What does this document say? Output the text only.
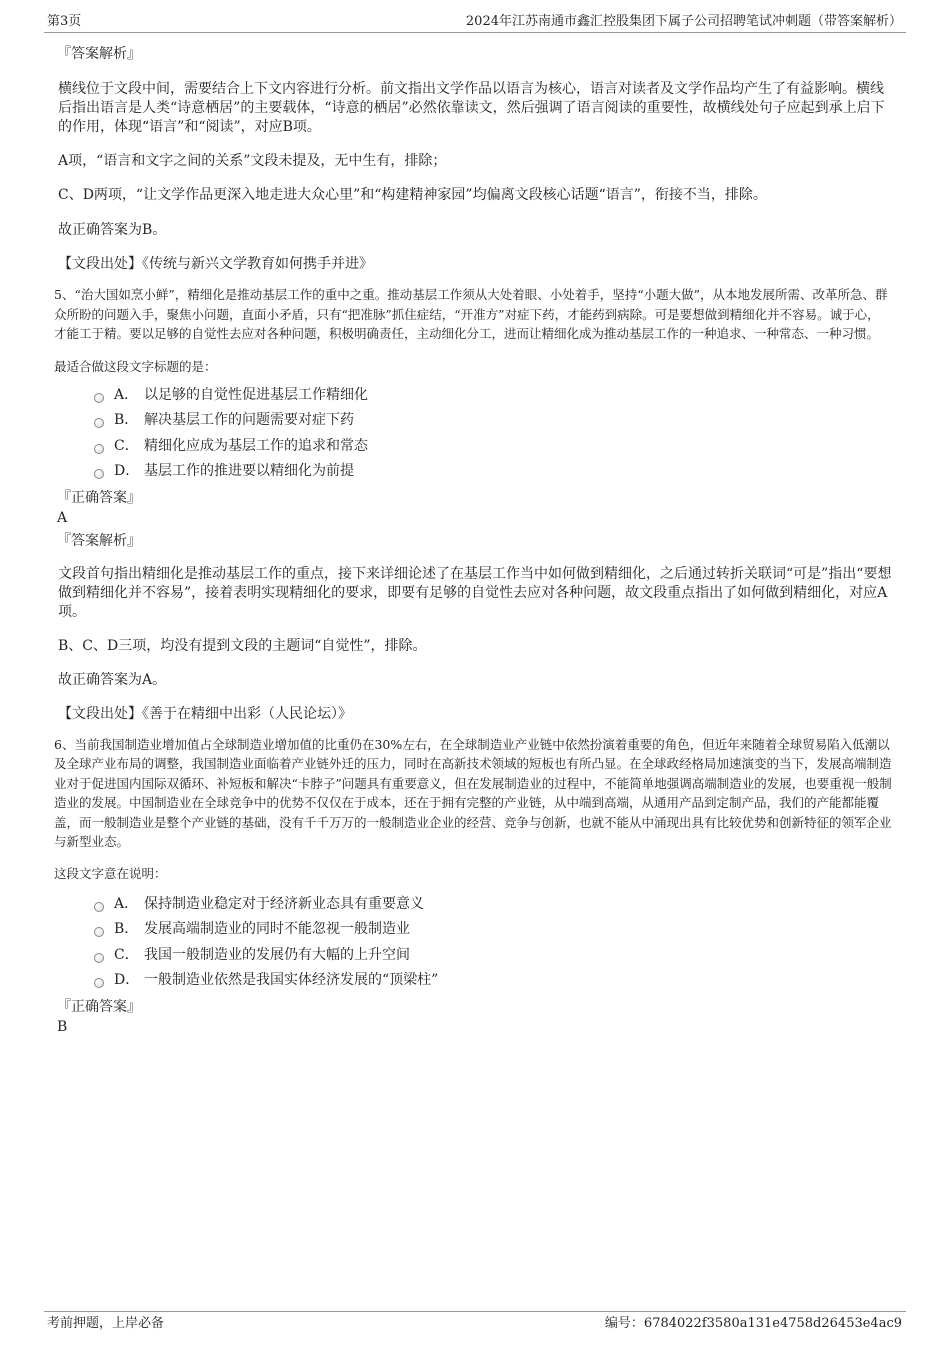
第3页	2024年江苏南通市鑫汇控股集团下属子公司招聘笔试冲刺题（带答案解析）
『答案解析』
横线位于文段中间，需要结合上下文内容进行分析。前文指出文学作品以语言为核心，语言对读者及文学作品均产生了有益影响。横线后指出语言是人类“诗意栖居”的主要载体，“诗意的栖居”必然依靠读文，然后强调了语言阅读的重要性，故横线处句子应起到承上启下的作用，体现“语言”和“阅读”，对应B项。
A项，“语言和文字之间的关系”文段未提及，无中生有，排除；
C、D两项，“让文学作品更深入地走进大众心里”和“构建精神家园”均偏离文段核心话题“语言”，衔接不当，排除。
故正确答案为B。
【文段出处】《传统与新兴文学教育如何携手并进》
5、“治大国如烹小鲜”，精细化是推动基层工作的重中之重。推动基层工作须从大处着眼、小处着手，坚持“小题大做”，从本地发展所需、改革所急、群众所盼的问题入手，聚焦小问题，直面小矛盾，只有“把准脉”抓住症结，“开准方”对症下药，才能药到病除。可是要想做到精细化并不容易。诚于心，才能工于精。要以足够的自觉性去应对各种问题，积极明确责任，主动细化分工，进而让精细化成为推动基层工作的一种追求、一种常态、一种习惯。
最适合做这段文字标题的是：
A． 以足够的自觉性促进基层工作精细化
B． 解决基层工作的问题需要对症下药
C． 精细化应成为基层工作的追求和常态
D． 基层工作的推进要以精细化为前提
『正确答案』
A
『答案解析』
文段首句指出精细化是推动基层工作的重点，接下来详细论述了在基层工作当中如何做到精细化，之后通过转折关联词“可是”指出“要想做到精细化并不容易”，接着表明实现精细化的要求，即要有足够的自觉性去应对各种问题，故文段重点指出了如何做到精细化，对应A项。
B、C、D三项，均没有提到文段的主题词“自觉性”，排除。
故正确答案为A。
【文段出处】《善于在精细中出彩（人民论坛）》
6、当前我国制造业增加值占全球制造业增加值的比重仍在30%左右，在全球制造业产业链中依然扮演着重要的角色，但近年来随着全球贸易陷入低潮以及全球产业布局的调整，我国制造业面临着产业链外迁的压力，同时在高新技术领域的短板也有所凸显。在全球政经格局加速演变的当下，发展高端制造业对于促进国内国际双循环、补短板和解决“卡脖子”问题具有重要意义，但在发展制造业的过程中，不能简单地强调高端制造业的发展，也要重视一般制造业的发展。中国制造业在全球竞争中的优势不仅仅在于成本，还在于拥有完整的产业链，从中端到高端，从通用产品到定制产品，我们的产能都能覆盖，而一般制造业是整个产业链的基础，没有千千万万的一般制造业企业的经营、竞争与创新，也就不能从中涌现出具有比较优势和创新特征的领军企业与新型业态。
这段文字意在说明：
A． 保持制造业稳定对于经济新业态具有重要意义
B． 发展高端制造业的同时不能忽视一般制造业
C． 我国一般制造业的发展仍有大幅的上升空间
D． 一般制造业依然是我国实体经济发展的“顶梁柱”
『正确答案』
B
考前押题，上岸必备	编号：6784022f3580a131e4758d26453e4ac9
